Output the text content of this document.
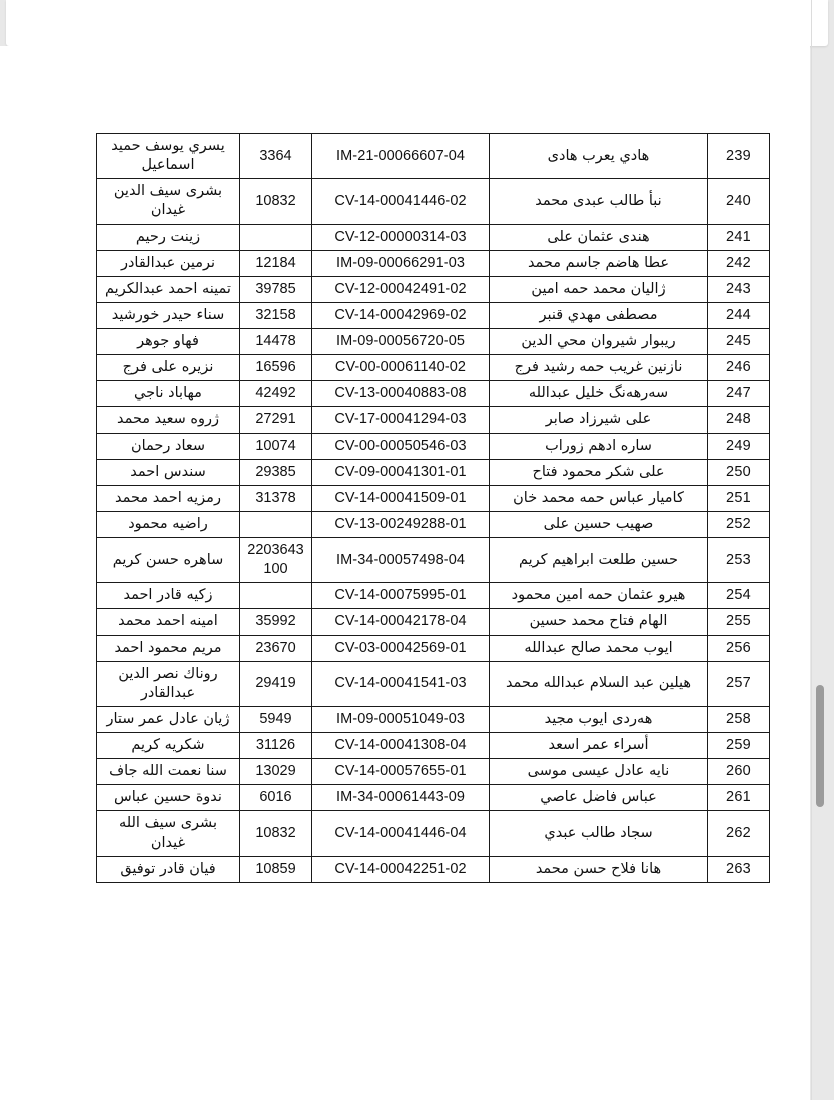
239	هادي يعرب هادى	IM-21-00066607-04	3364	يسري يوسف حميد اسماعيل
240	نبأ طالب عبدى محمد	CV-14-00041446-02	10832	بشرى سيف الدين غيدان
241	هندى عثمان على	CV-12-00000314-03		زينت رحيم
242	عطا هاضم جاسم محمد	IM-09-00066291-03	12184	نرمين عبدالقادر
243	ژاليان محمد حمه امين	CV-12-00042491-02	39785	تمينه احمد عبدالكريم
244	مصطفى مهدي قنبر	CV-14-00042969-02	32158	سناء حيدر خورشيد
245	ريبوار شيروان محي الدين	IM-09-00056720-05	14478	فهاو جوهر
246	نازنين غريب حمه رشيد فرج	CV-00-00061140-02	16596	نزيره على فرج
247	سەرهەنگ خليل عبدالله	CV-13-00040883-08	42492	مهاباد ناجي
248	على شيرزاد صابر	CV-17-00041294-03	27291	ژروه سعيد محمد
249	ساره ادهم زوراب	CV-00-00050546-03	10074	سعاد رحمان
250	على شكر محمود فتاح	CV-09-00041301-01	29385	سندس احمد
251	كاميار عباس حمه محمد خان	CV-14-00041509-01	31378	رمزيه احمد محمد
252	صهيب حسين على	CV-13-00249288-01		راضيه محمود
253	حسين طلعت ابراهيم كريم	IM-34-00057498-04	2203643100	ساهره حسن كريم
254	هيرو عثمان حمه امين محمود	CV-14-00075995-01		زكيه قادر احمد
255	الهام فتاح محمد حسين	CV-14-00042178-04	35992	امينه احمد محمد
256	ايوب محمد صالح عبدالله	CV-03-00042569-01	23670	مريم محمود احمد
257	هيلين عبد السلام عبدالله محمد	CV-14-00041541-03	29419	روناك نصر الدين عبدالقادر
258	هەردى ايوب مجيد	IM-09-00051049-03	5949	ژيان عادل عمر ستار
259	أسراء عمر اسعد	CV-14-00041308-04	31126	شكريه كريم
260	نايه عادل عيسى موسى	CV-14-00057655-01	13029	سنا نعمت الله جاف
261	عباس فاضل عاصي	IM-34-00061443-09	6016	ندوة حسين عباس
262	سجاد طالب عبدي	CV-14-00041446-04	10832	بشرى سيف الله غيدان
263	هانا فلاح حسن محمد	CV-14-00042251-02	10859	فيان قادر توفيق
